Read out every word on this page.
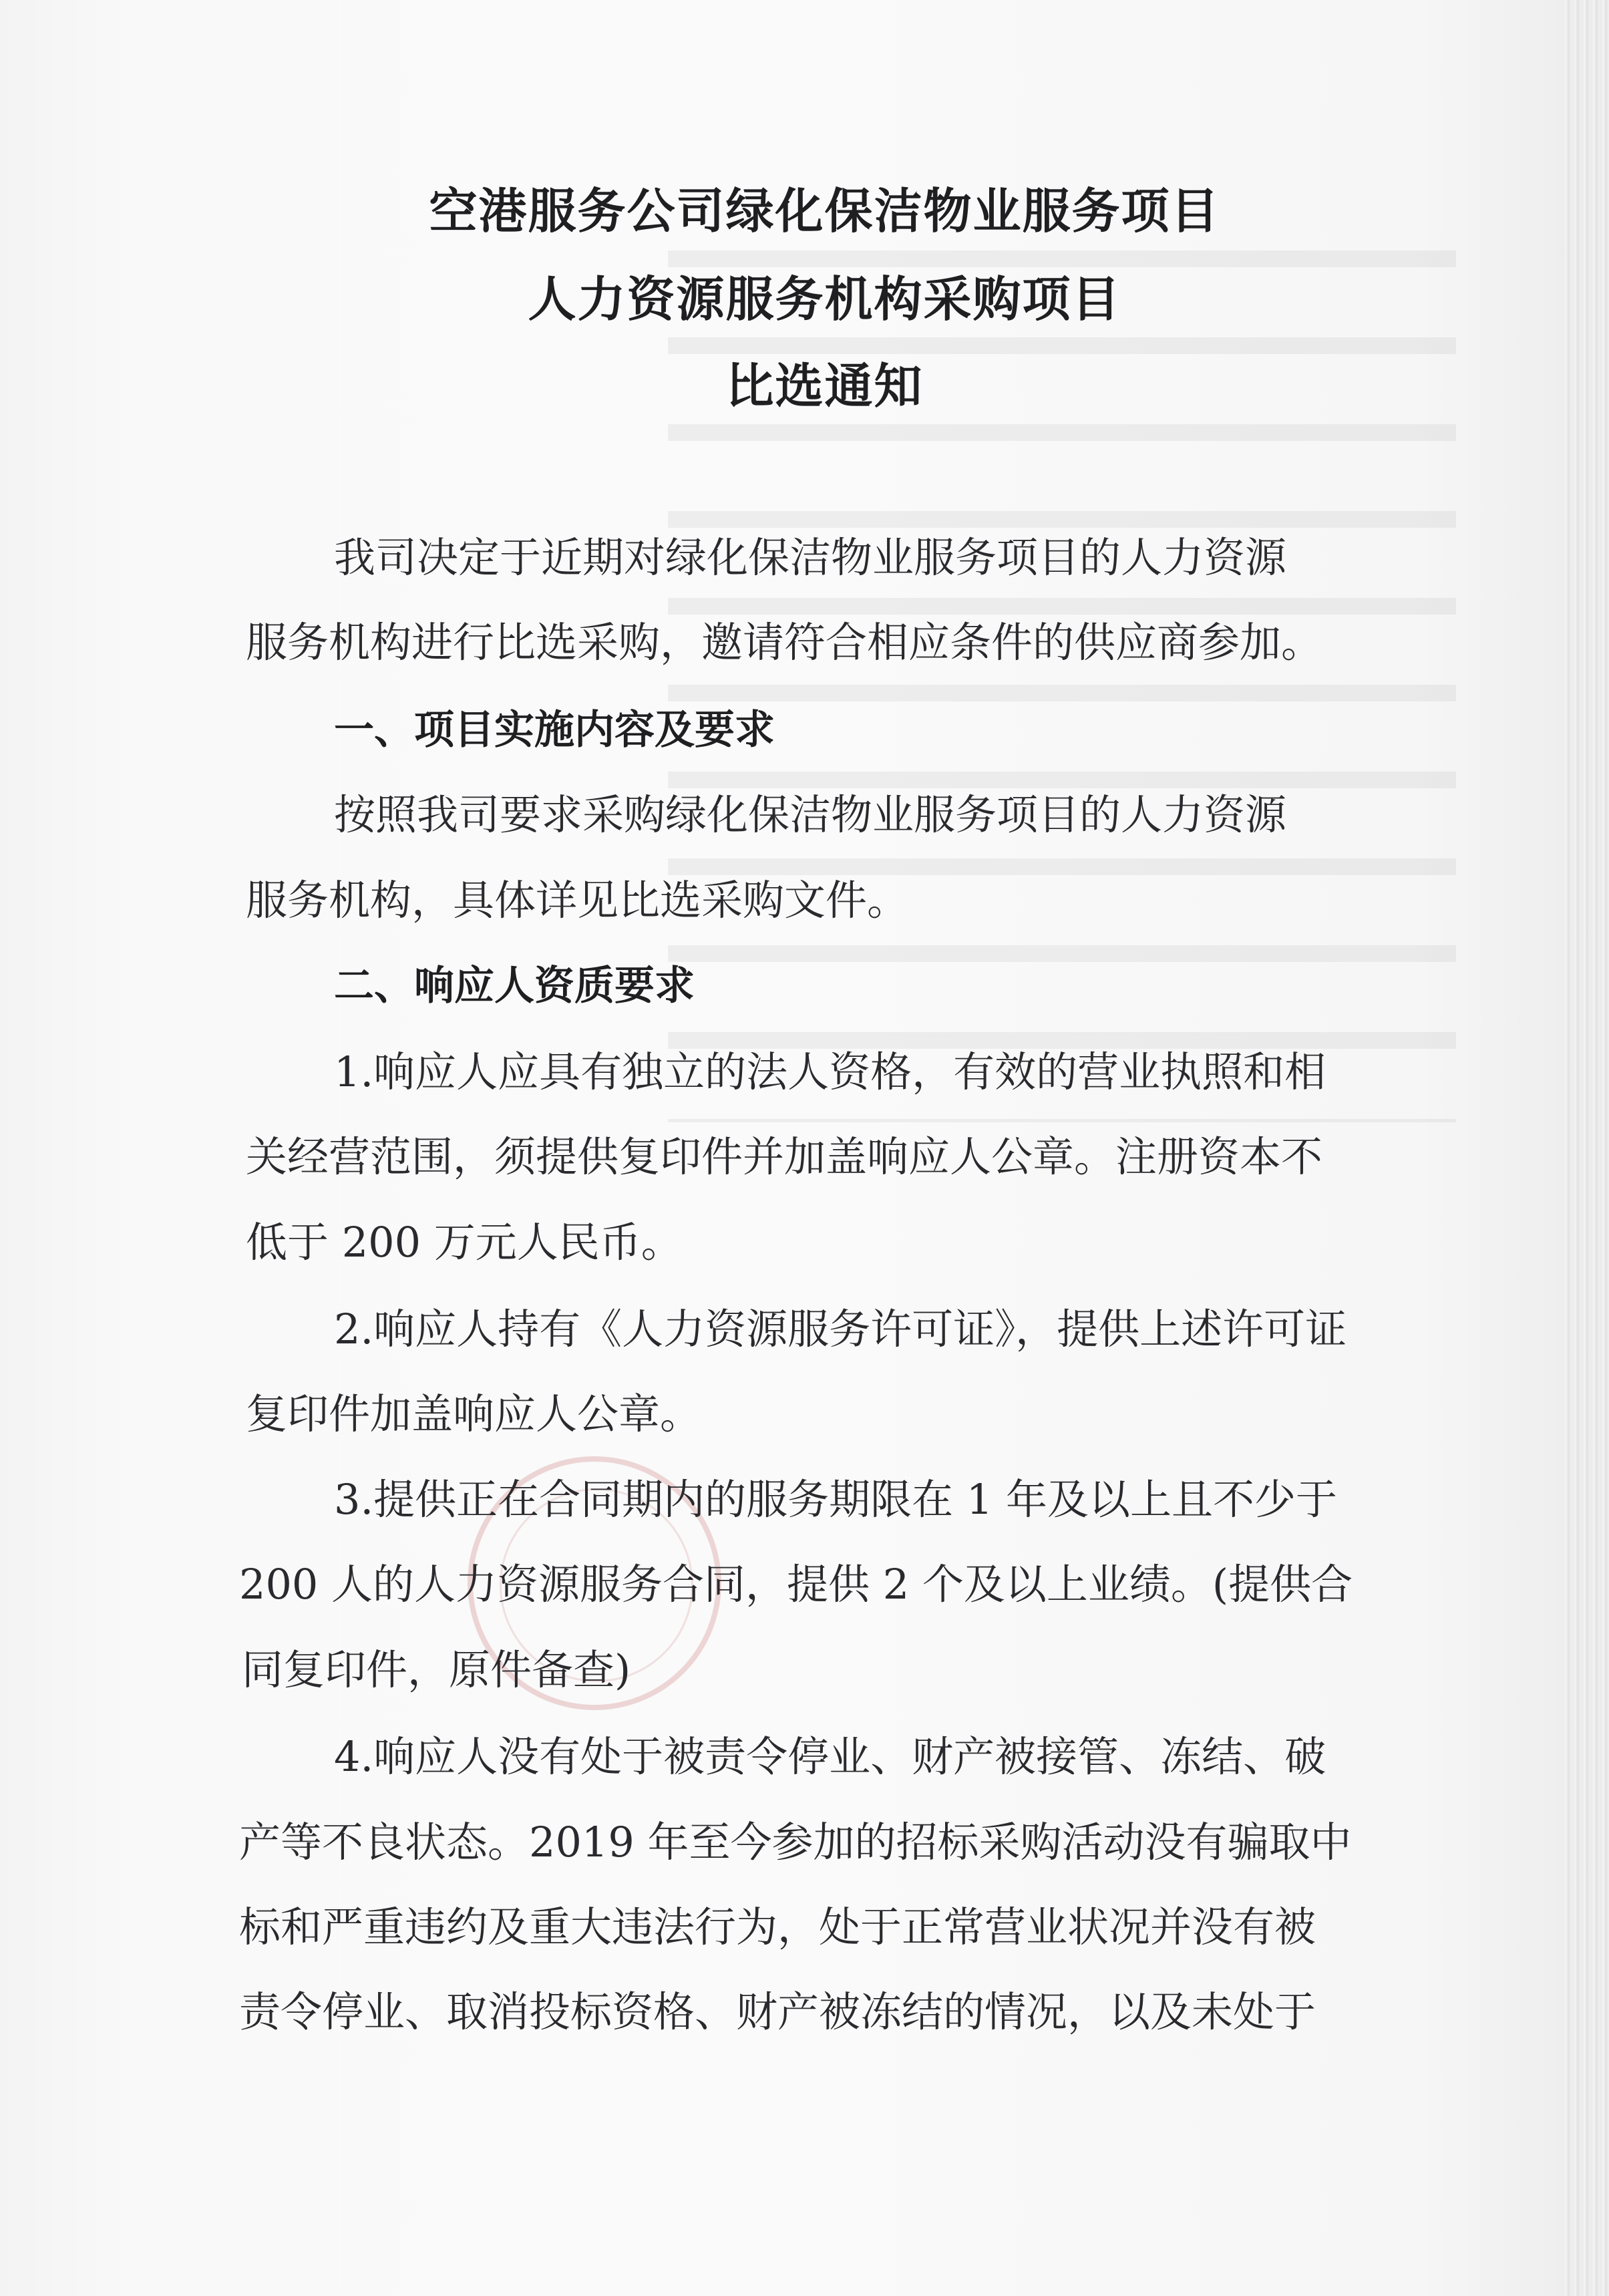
空港服务公司绿化保洁物业服务项目
人力资源服务机构采购项目
比选通知
我司决定于近期对绿化保洁物业服务项目的人力资源
服务机构进行比选采购，邀请符合相应条件的供应商参加。
一、项目实施内容及要求
按照我司要求采购绿化保洁物业服务项目的人力资源
服务机构，具体详见比选采购文件。
二、响应人资质要求
1.响应人应具有独立的法人资格，有效的营业执照和相
关经营范围，须提供复印件并加盖响应人公章。注册资本不
低于 200 万元人民币。
2.响应人持有《人力资源服务许可证》，提供上述许可证
复印件加盖响应人公章。
3.提供正在合同期内的服务期限在 1 年及以上且不少于
200 人的人力资源服务合同，提供 2 个及以上业绩。(提供合
同复印件，原件备查)
4.响应人没有处于被责令停业、财产被接管、冻结、破
产等不良状态。2019 年至今参加的招标采购活动没有骗取中
标和严重违约及重大违法行为，处于正常营业状况并没有被
责令停业、取消投标资格、财产被冻结的情况，以及未处于
